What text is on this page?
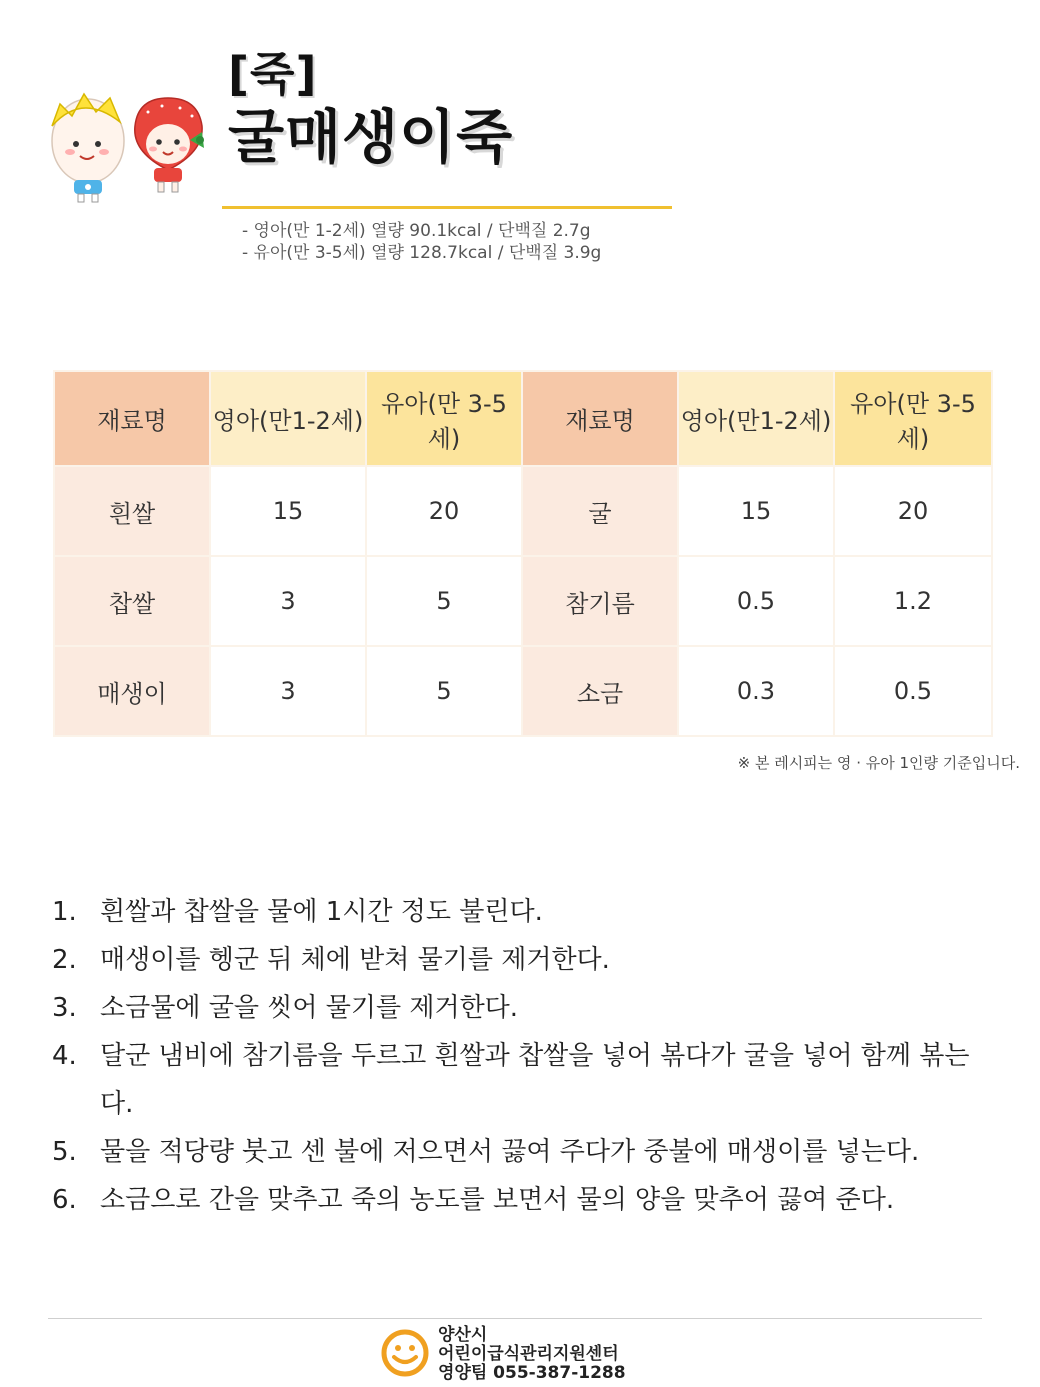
[죽]
굴매생이죽
- 영아(만 1-2세) 열량 90.1kcal / 단백질 2.7g
- 유아(만 3-5세) 열량 128.7kcal / 단백질 3.9g
재료명	영아(만1-2세)	유아(만 3-5세)	재료명	영아(만1-2세)	유아(만 3-5세)
흰쌀	15	20	굴	15	20
찹쌀	3	5	참기름	0.5	1.2
매생이	3	5	소금	0.3	0.5
※ 본 레시피는 영 · 유아 1인량 기준입니다.
1. 흰쌀과 찹쌀을 물에 1시간 정도 불린다.
2. 매생이를 헹군 뒤 체에 받쳐 물기를 제거한다.
3. 소금물에 굴을 씻어 물기를 제거한다.
4. 달군 냄비에 참기름을 두르고 흰쌀과 찹쌀을 넣어 볶다가 굴을 넣어 함께 볶는다.
5. 물을 적당량 붓고 센 불에 저으면서 끓여 주다가 중불에 매생이를 넣는다.
6. 소금으로 간을 맞추고 죽의 농도를 보면서 물의 양을 맞추어 끓여 준다.
양산시
어린이급식관리지원센터
영양팀 055-387-1288
